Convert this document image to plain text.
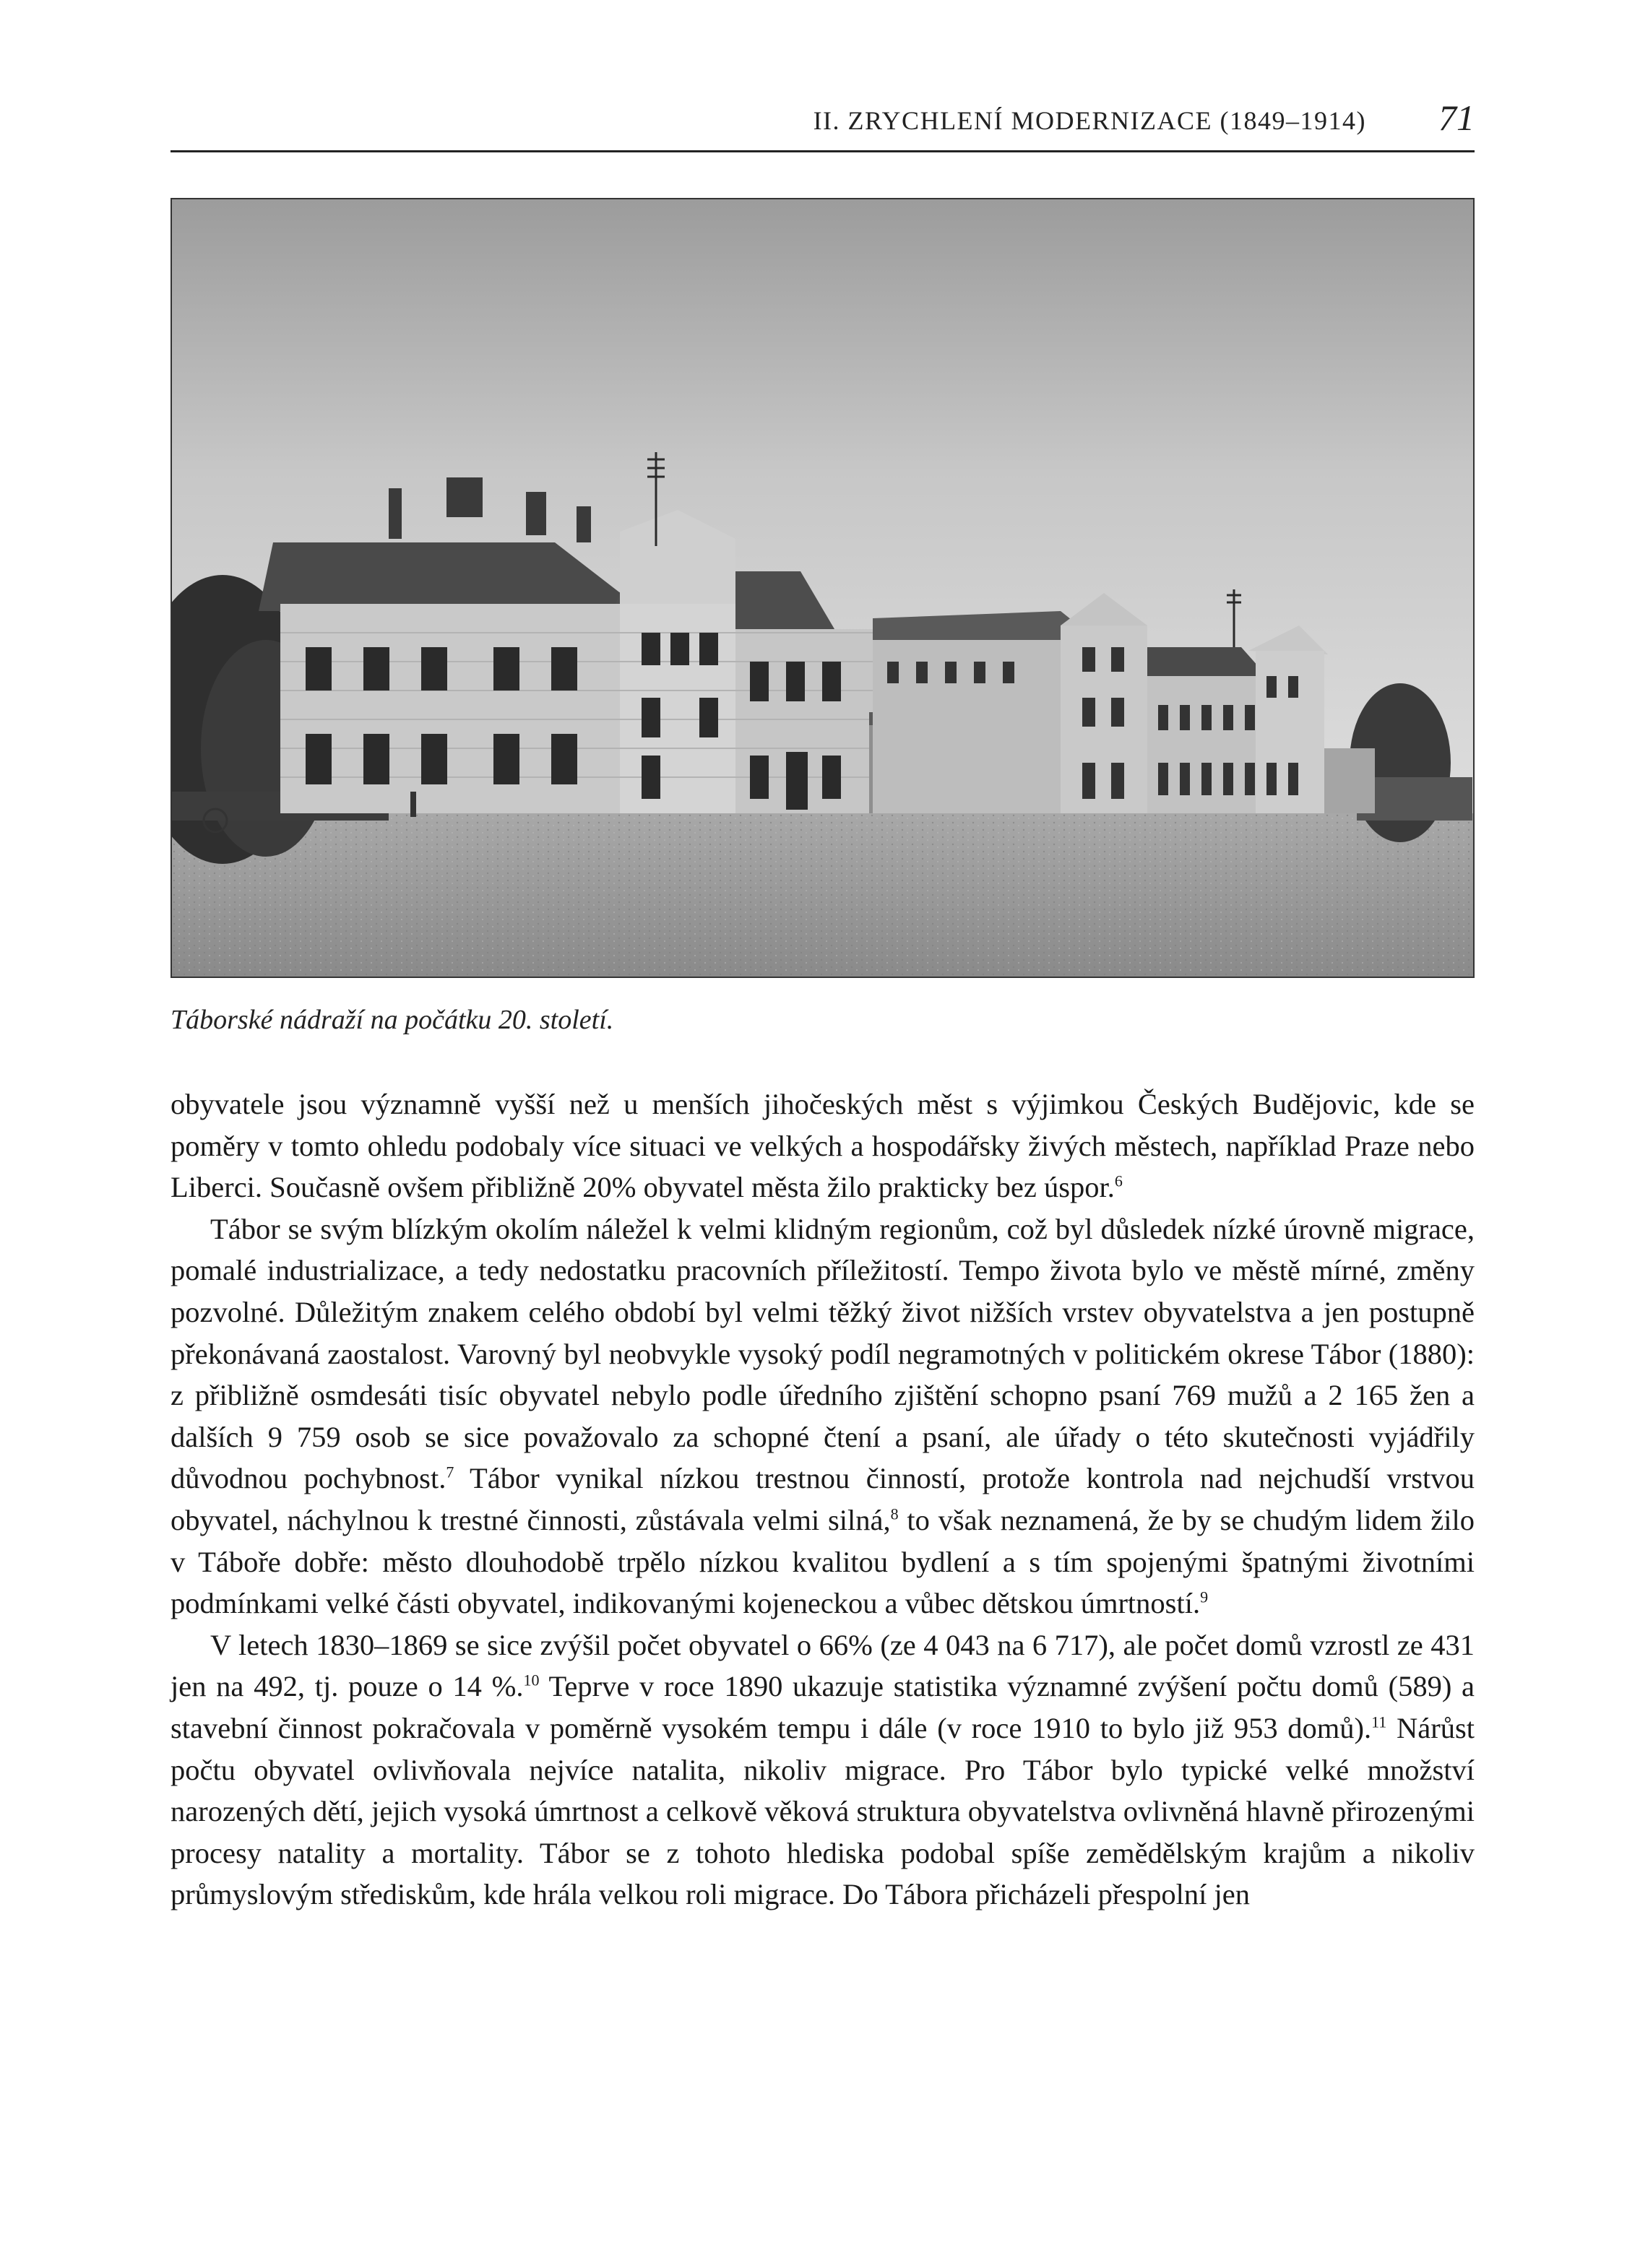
II. ZRYCHLENÍ MODERNIZACE (1849–1914) 71
Táborské nádraží na počátku 20. století.

obyvatele jsou významně vyšší než u menších jihočeských měst s výjimkou Českých Budějovic, kde se poměry v tomto ohledu podobaly více situaci ve velkých a hospodářsky živých městech, například Praze nebo Liberci. Současně ovšem přibližně 20% obyvatel města žilo prakticky bez úspor.$^6$

Tábor se svým blízkým okolím náležel k velmi klidným regionům, což byl důsledek nízké úrovně migrace, pomalé industrializace, a tedy nedostatku pracovních příležitostí. Tempo života bylo ve městě mírné, změny pozvolné. Důležitým znakem celého období byl velmi těžký život nižších vrstev obyvatelstva a jen postupně překonávaná zaostalost. Varovný byl neobvykle vysoký podíl negramotných v politickém okrese Tábor (1880): z přibližně osmdesáti tisíc obyvatel nebylo podle úředního zjištění schopno psaní 769 mužů a 2 165 žen a dalších 9 759 osob se sice považovalo za schopné čtení a psaní, ale úřady o této skutečnosti vyjádřily důvodnou pochybnost.$^7$ Tábor vynikal nízkou trestnou činností, protože kontrola nad nejchudší vrstvou obyvatel, náchylnou k trestné činnosti, zůstávala velmi silná,$^8$ to však neznamená, že by se chudým lidem žilo v Táboře dobře: město dlouhodobě trpělo nízkou kvalitou bydlení a s tím spojenými špatnými životními podmínkami velké části obyvatel, indikovanými kojeneckou a vůbec dětskou úmrtností.$^9$

V letech 1830–1869 se sice zvýšil počet obyvatel o 66% (ze 4 043 na 6 717), ale počet domů vzrostl ze 431 jen na 492, tj. pouze o 14 %.$^{10}$ Teprve v roce 1890 ukazuje statistika významné zvýšení počtu domů (589) a stavební činnost pokračovala v poměrně vysokém tempu i dále (v roce 1910 to bylo již 953 domů).$^{11}$ Nárůst počtu obyvatel ovlivňovala nejvíce natalita, nikoliv migrace. Pro Tábor bylo typické velké množství narozených dětí, jejich vysoká úmrtnost a celkově věková struktura obyvatelstva ovlivněná hlavně přirozenými procesy natality a mortality. Tábor se z tohoto hlediska podobal spíše zemědělským krajům a nikoliv průmyslovým střediskům, kde hrála velkou roli migrace. Do Tábora přicházeli přespolní jen
